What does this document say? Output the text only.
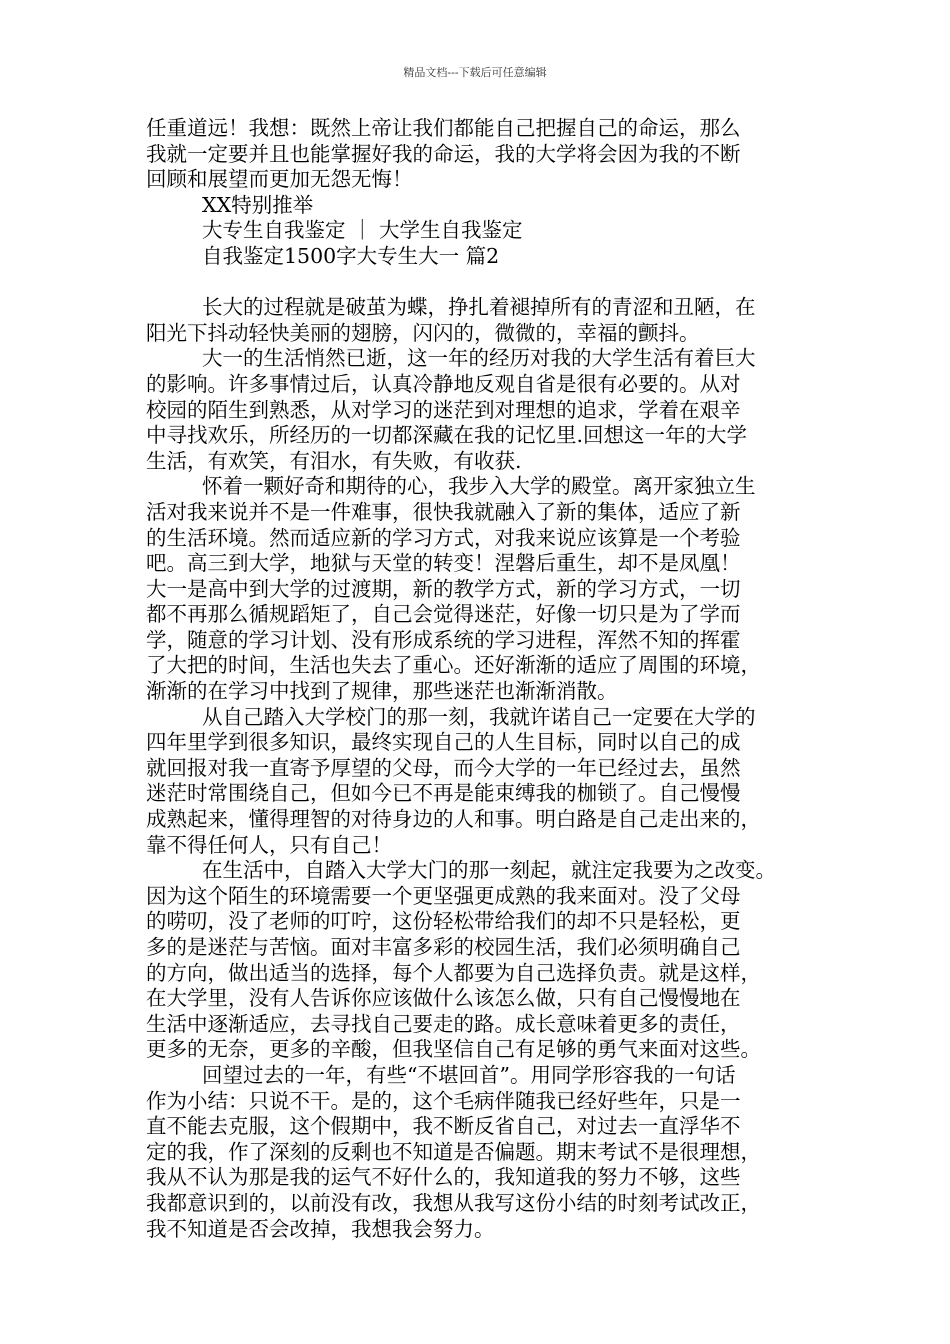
精品文档---下载后可任意编辑
任重道远！我想：既然上帝让我们都能自己把握自己的命运，那么
我就一定要并且也能掌握好我的命运，我的大学将会因为我的不断
回顾和展望而更加无怨无悔！
XX特别推举
大专生自我鉴定 ｜ 大学生自我鉴定
自我鉴定1500字大专生大一 篇2
长大的过程就是破茧为蝶，挣扎着褪掉所有的青涩和丑陋，在
阳光下抖动轻快美丽的翅膀，闪闪的，微微的，幸福的颤抖。
大一的生活悄然已逝，这一年的经历对我的大学生活有着巨大
的影响。许多事情过后，认真冷静地反观自省是很有必要的。从对
校园的陌生到熟悉，从对学习的迷茫到对理想的追求，学着在艰辛
中寻找欢乐，所经历的一切都深藏在我的记忆里.回想这一年的大学
生活，有欢笑，有泪水，有失败，有收获.
怀着一颗好奇和期待的心，我步入大学的殿堂。离开家独立生
活对我来说并不是一件难事，很快我就融入了新的集体，适应了新
的生活环境。然而适应新的学习方式，对我来说应该算是一个考验
吧。高三到大学，地狱与天堂的转变！涅磐后重生，却不是凤凰！
大一是高中到大学的过渡期，新的教学方式，新的学习方式，一切
都不再那么循规蹈矩了，自己会觉得迷茫，好像一切只是为了学而
学，随意的学习计划、没有形成系统的学习进程，浑然不知的挥霍
了大把的时间，生活也失去了重心。还好渐渐的适应了周围的环境，
渐渐的在学习中找到了规律，那些迷茫也渐渐消散。
从自己踏入大学校门的那一刻，我就许诺自己一定要在大学的
四年里学到很多知识，最终实现自己的人生目标，同时以自己的成
就回报对我一直寄予厚望的父母，而今大学的一年已经过去，虽然
迷茫时常围绕自己，但如今已不再是能束缚我的枷锁了。自己慢慢
成熟起来，懂得理智的对待身边的人和事。明白路是自己走出来的，
靠不得任何人，只有自己！
在生活中，自踏入大学大门的那一刻起，就注定我要为之改变。
因为这个陌生的环境需要一个更坚强更成熟的我来面对。没了父母
的唠叨，没了老师的叮咛，这份轻松带给我们的却不只是轻松，更
多的是迷茫与苦恼。面对丰富多彩的校园生活，我们必须明确自己
的方向，做出适当的选择，每个人都要为自己选择负责。就是这样，
在大学里，没有人告诉你应该做什么该怎么做，只有自己慢慢地在
生活中逐渐适应，去寻找自己要走的路。成长意味着更多的责任，
更多的无奈，更多的辛酸，但我坚信自己有足够的勇气来面对这些。
回望过去的一年，有些“不堪回首”。用同学形容我的一句话
作为小结：只说不干。是的，这个毛病伴随我已经好些年，只是一
直不能去克服，这个假期中，我不断反省自己，对过去一直浮华不
定的我，作了深刻的反剩也不知道是否偏题。期末考试不是很理想，
我从不认为那是我的运气不好什么的，我知道我的努力不够，这些
我都意识到的，以前没有改，我想从我写这份小结的时刻考试改正，
我不知道是否会改掉，我想我会努力。
